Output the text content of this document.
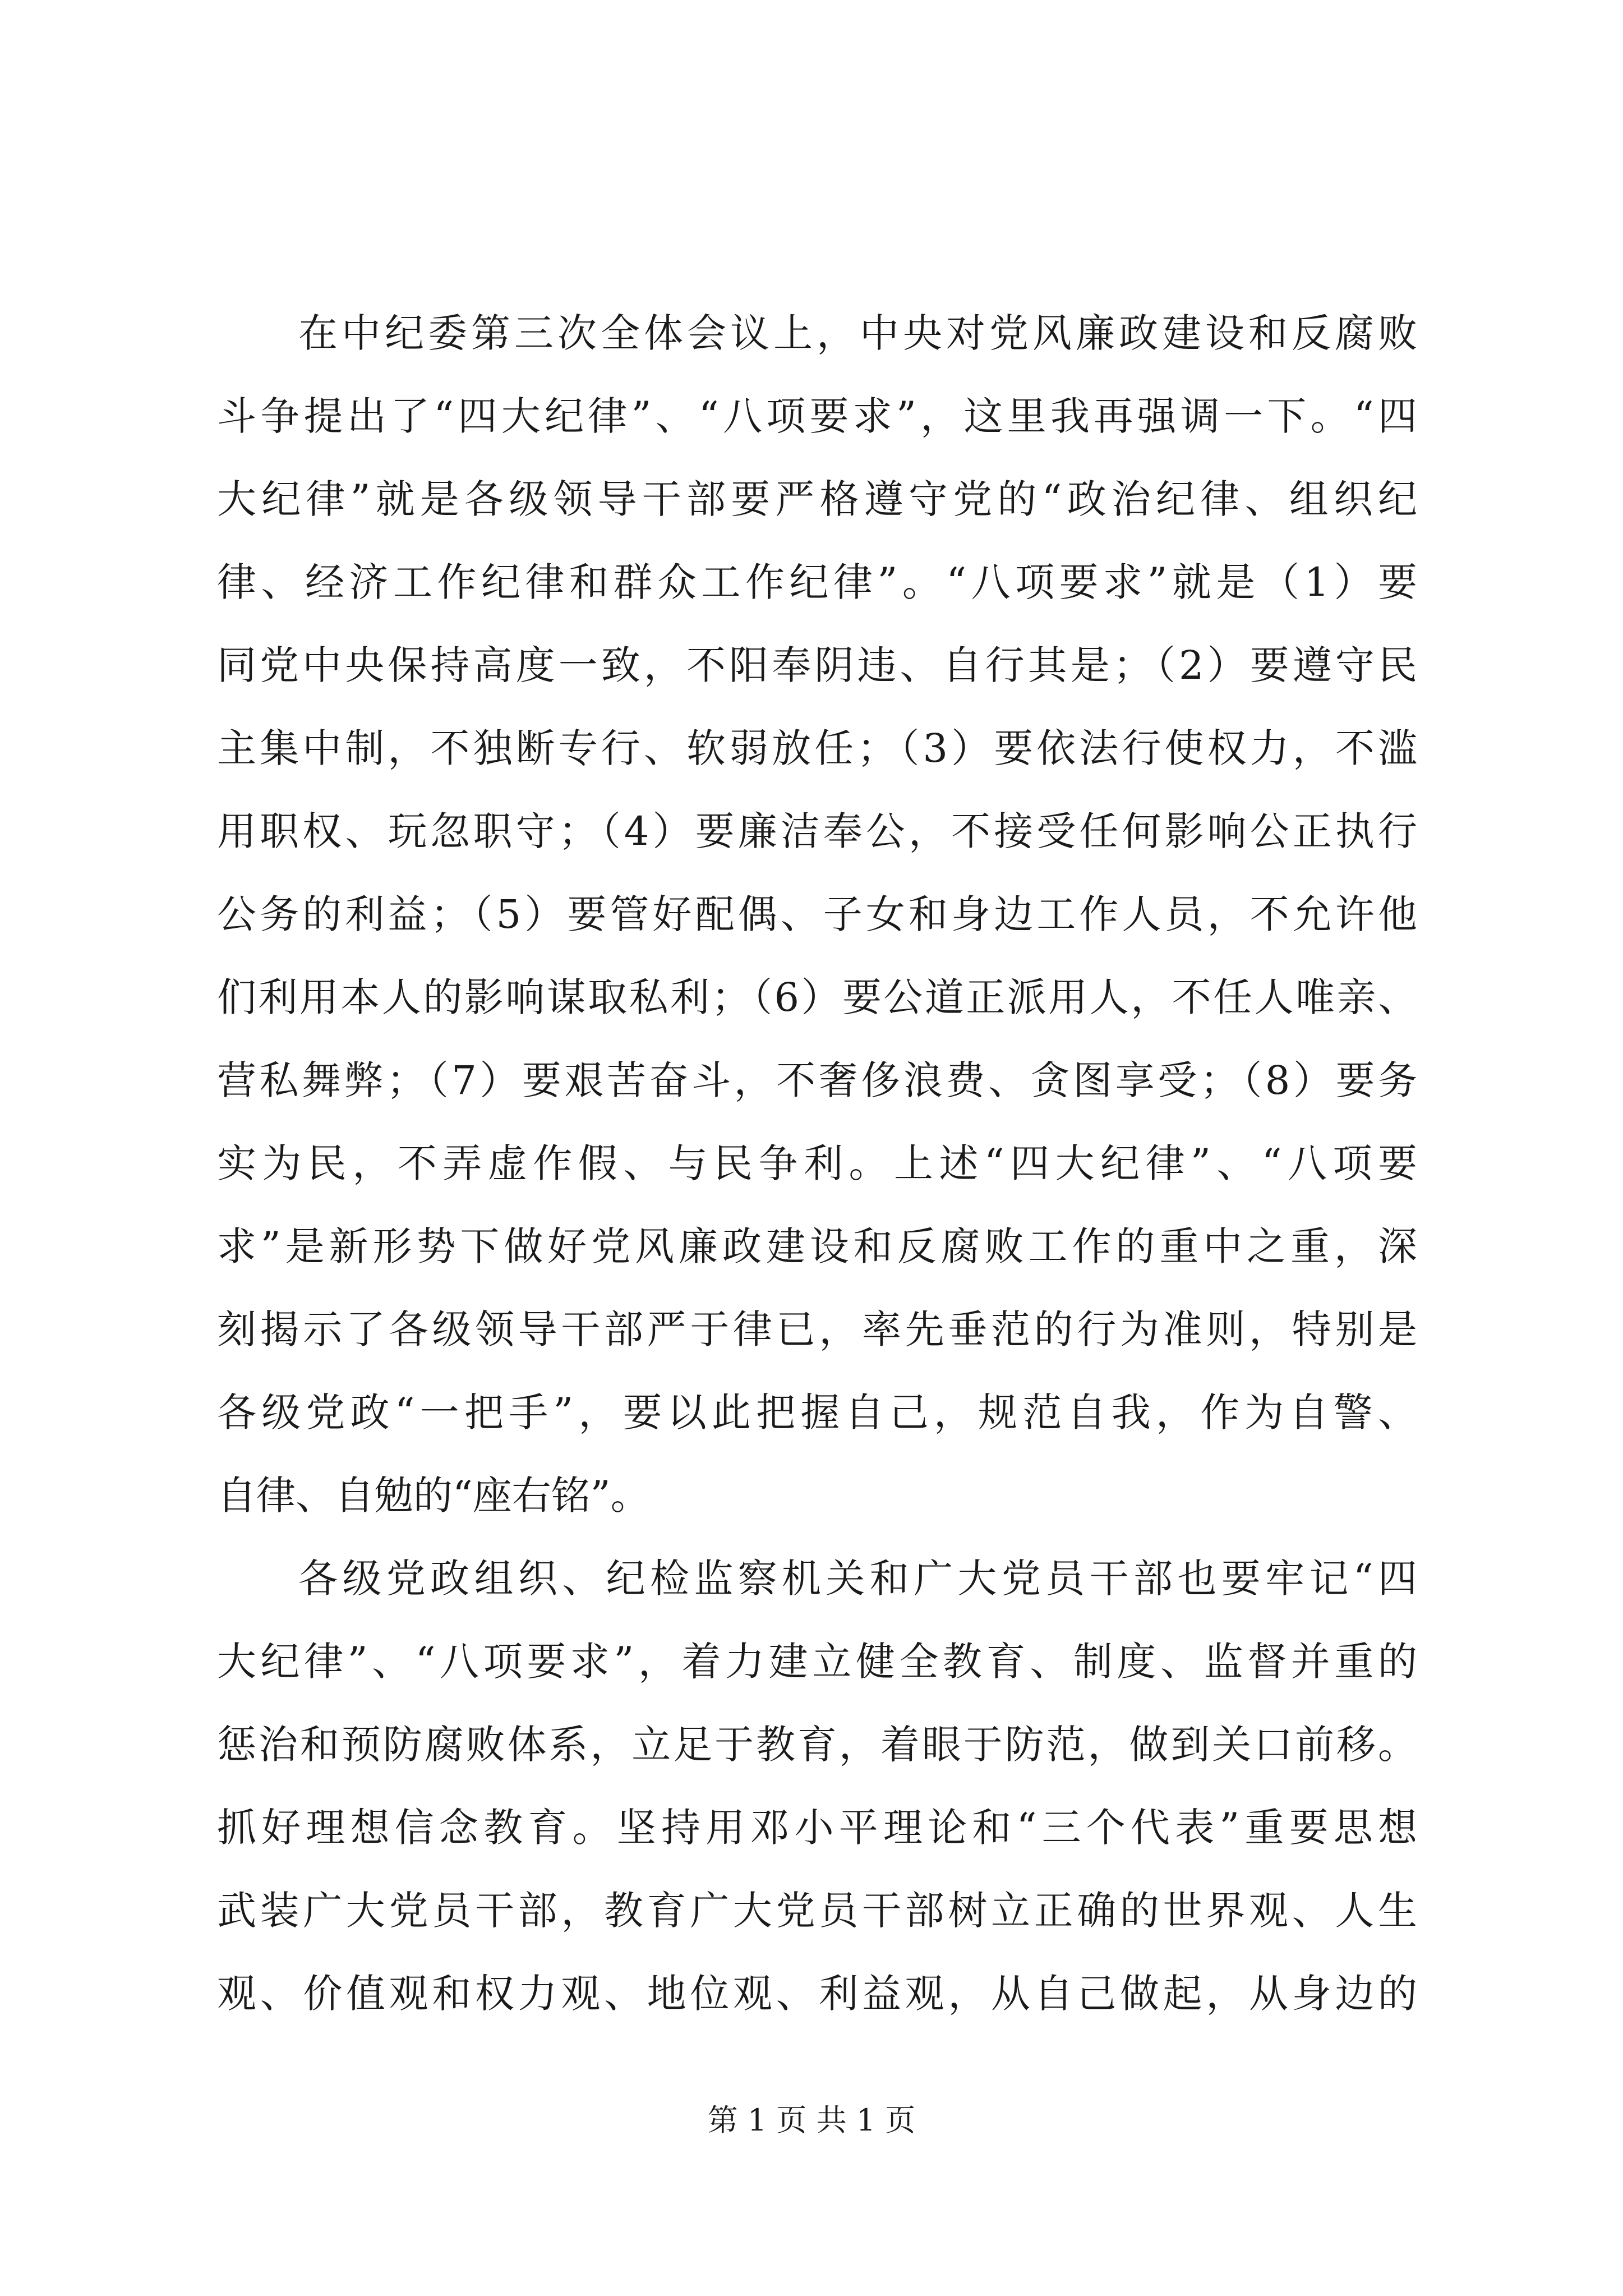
在中纪委第三次全体会议上，中央对党风廉政建设和反腐败
斗争提出了“四大纪律”、“八项要求”，这里我再强调一下。“四
大纪律”就是各级领导干部要严格遵守党的“政治纪律、组织纪
律、经济工作纪律和群众工作纪律”。“八项要求”就是（1）要
同党中央保持高度一致，不阳奉阴违、自行其是；（2）要遵守民
主集中制，不独断专行、软弱放任；（3）要依法行使权力，不滥
用职权、玩忽职守；（4）要廉洁奉公，不接受任何影响公正执行
公务的利益；（5）要管好配偶、子女和身边工作人员，不允许他
们利用本人的影响谋取私利；（6）要公道正派用人，不任人唯亲、
营私舞弊；（7）要艰苦奋斗，不奢侈浪费、贪图享受；（8）要务
实为民，不弄虚作假、与民争利。上述“四大纪律”、“八项要
求”是新形势下做好党风廉政建设和反腐败工作的重中之重，深
刻揭示了各级领导干部严于律已，率先垂范的行为准则，特别是
各级党政“一把手”，要以此把握自己，规范自我，作为自警、
自律、自勉的“座右铭”。
各级党政组织、纪检监察机关和广大党员干部也要牢记“四
大纪律”、“八项要求”，着力建立健全教育、制度、监督并重的
惩治和预防腐败体系，立足于教育，着眼于防范，做到关口前移。
抓好理想信念教育。坚持用邓小平理论和“三个代表”重要思想
武装广大党员干部，教育广大党员干部树立正确的世界观、人生
观、价值观和权力观、地位观、利益观，从自己做起，从身边的
第 1 页 共 1 页
